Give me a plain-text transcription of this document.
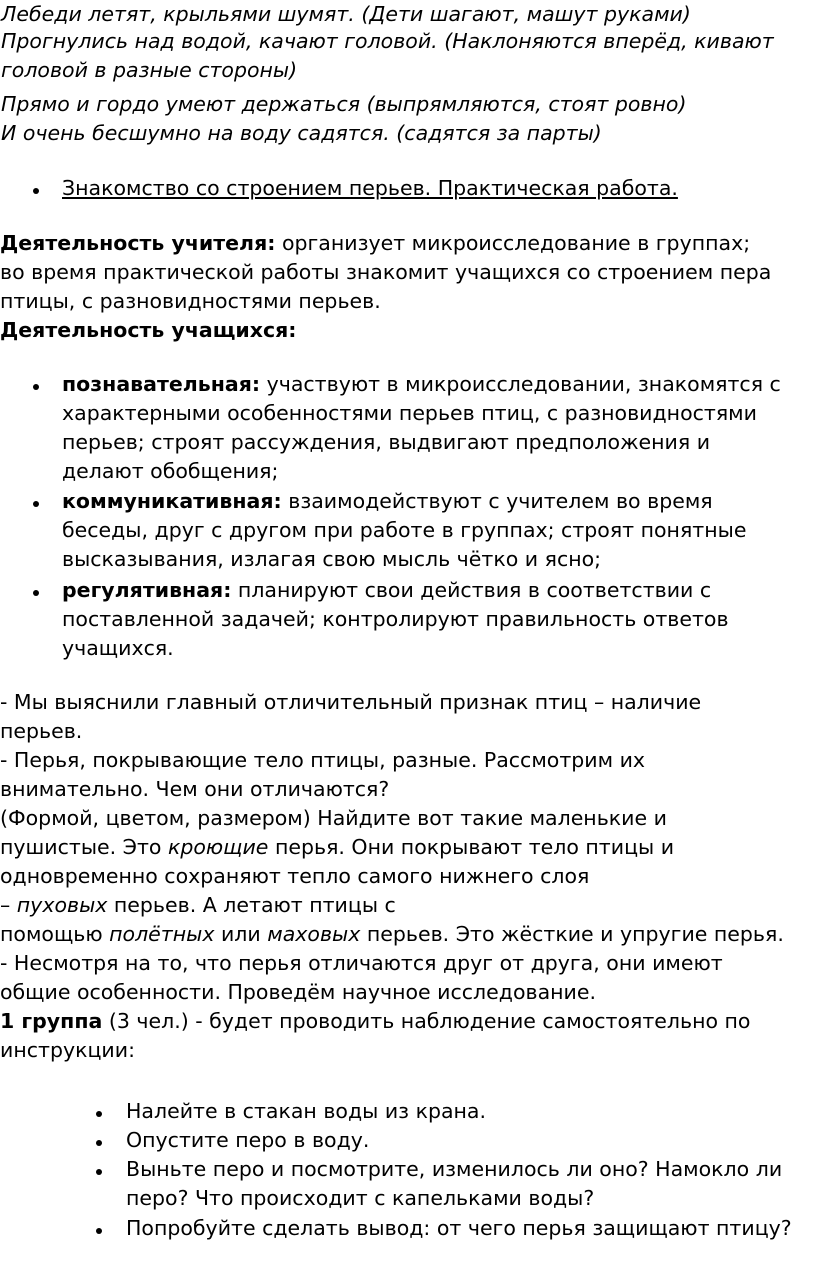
Лебеди летят, крыльями шумят. (Дети шагают, машут руками)

Прогнулись над водой, качают головой. (Наклоняются вперёд, кивают

головой в разные стороны)

Прямо и гордо умеют держаться (выпрямляются, стоят ровно)

И очень бесшумно на воду садятся. (садятся за парты)

Знакомство со строением перьев. Практическая работа.

Деятельность учителя: организует микроисследование в группах;

во время практической работы знакомит учащихся со строением пера

птицы, с разновидностями перьев.

Деятельность учащихся:

познавательная: участвуют в микроисследовании, знакомятся с

характерными особенностями перьев птиц, с разновидностями

перьев; строят рассуждения, выдвигают предположения и

делают обобщения;

коммуникативная: взаимодействуют с учителем во время

беседы, друг с другом при работе в группах; строят понятные

высказывания, излагая свою мысль чётко и ясно;

регулятивная: планируют свои действия в соответствии с

поставленной задачей; контролируют правильность ответов

учащихся.

- Мы выяснили главный отличительный признак птиц – наличие

перьев.

- Перья, покрывающие тело птицы, разные. Рассмотрим их

внимательно. Чем они отличаются?

(Формой, цветом, размером) Найдите вот такие маленькие и

пушистые. Это кроющие перья. Они покрывают тело птицы и

одновременно сохраняют тепло самого нижнего слоя

– пуховых перьев. А летают птицы с

помощью полётных или маховых перьев. Это жёсткие и упругие перья.

- Несмотря на то, что перья отличаются друг от друга, они имеют

общие особенности. Проведём научное исследование.

1 группа (3 чел.) - будет проводить наблюдение самостоятельно по

инструкции:

Налейте в стакан воды из крана.
Опустите перо в воду.

Выньте перо и посмотрите, изменилось ли оно? Намокло ли

перо? Что происходит с капельками воды?

Попробуйте сделать вывод: от чего перья защищают птицу?
